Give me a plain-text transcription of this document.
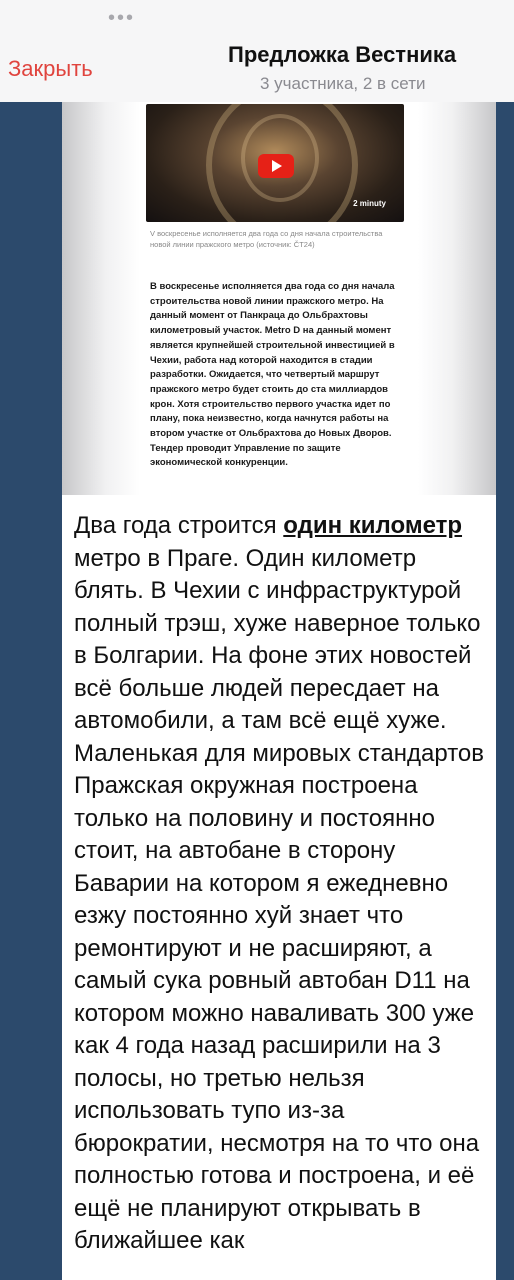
•••
Закрыть
Предложка Вестника
3 участника, 2 в сети
2 minuty
V воскресенье исполняется два года со дня начала строительства новой линии пражского метро (источник: ČT24)
В воскресенье исполняется два года со дня начала строительства новой линии пражского метро. На данный момент от Панкраца до Ольбрахтовы километровый участок. Metro D на данный момент является крупнейшей строительной инвестицией в Чехии, работа над которой находится в стадии разработки. Ожидается, что четвертый маршрут пражского метро будет стоить до ста миллиардов крон. Хотя строительство первого участка идет по плану, пока неизвестно, когда начнутся работы на втором участке от Ольбрахтова до Новых Дворов. Тендер проводит Управление по защите экономической конкуренции.
Два года строится один километр метро в Праге. Один километр блять. В Чехии с инфраструктурой полный трэш, хуже наверное только в Болгарии. На фоне этих новостей всё больше людей пересдает на автомобили, а там всё ещё хуже. Маленькая для мировых стандартов Пражская окружная построена только на половину и постоянно стоит, на автобане в сторону Баварии на котором я ежедневно езжу постоянно хуй знает что ремонтируют и не расширяют, а самый сука ровный автобан D11 на котором можно наваливать 300 уже как 4 года назад расширили на 3 полосы, но третью нельзя использовать тупо из-за бюрократии, несмотря на то что она полностью готова и построена, и её ещё не планируют открывать в ближайшее как
